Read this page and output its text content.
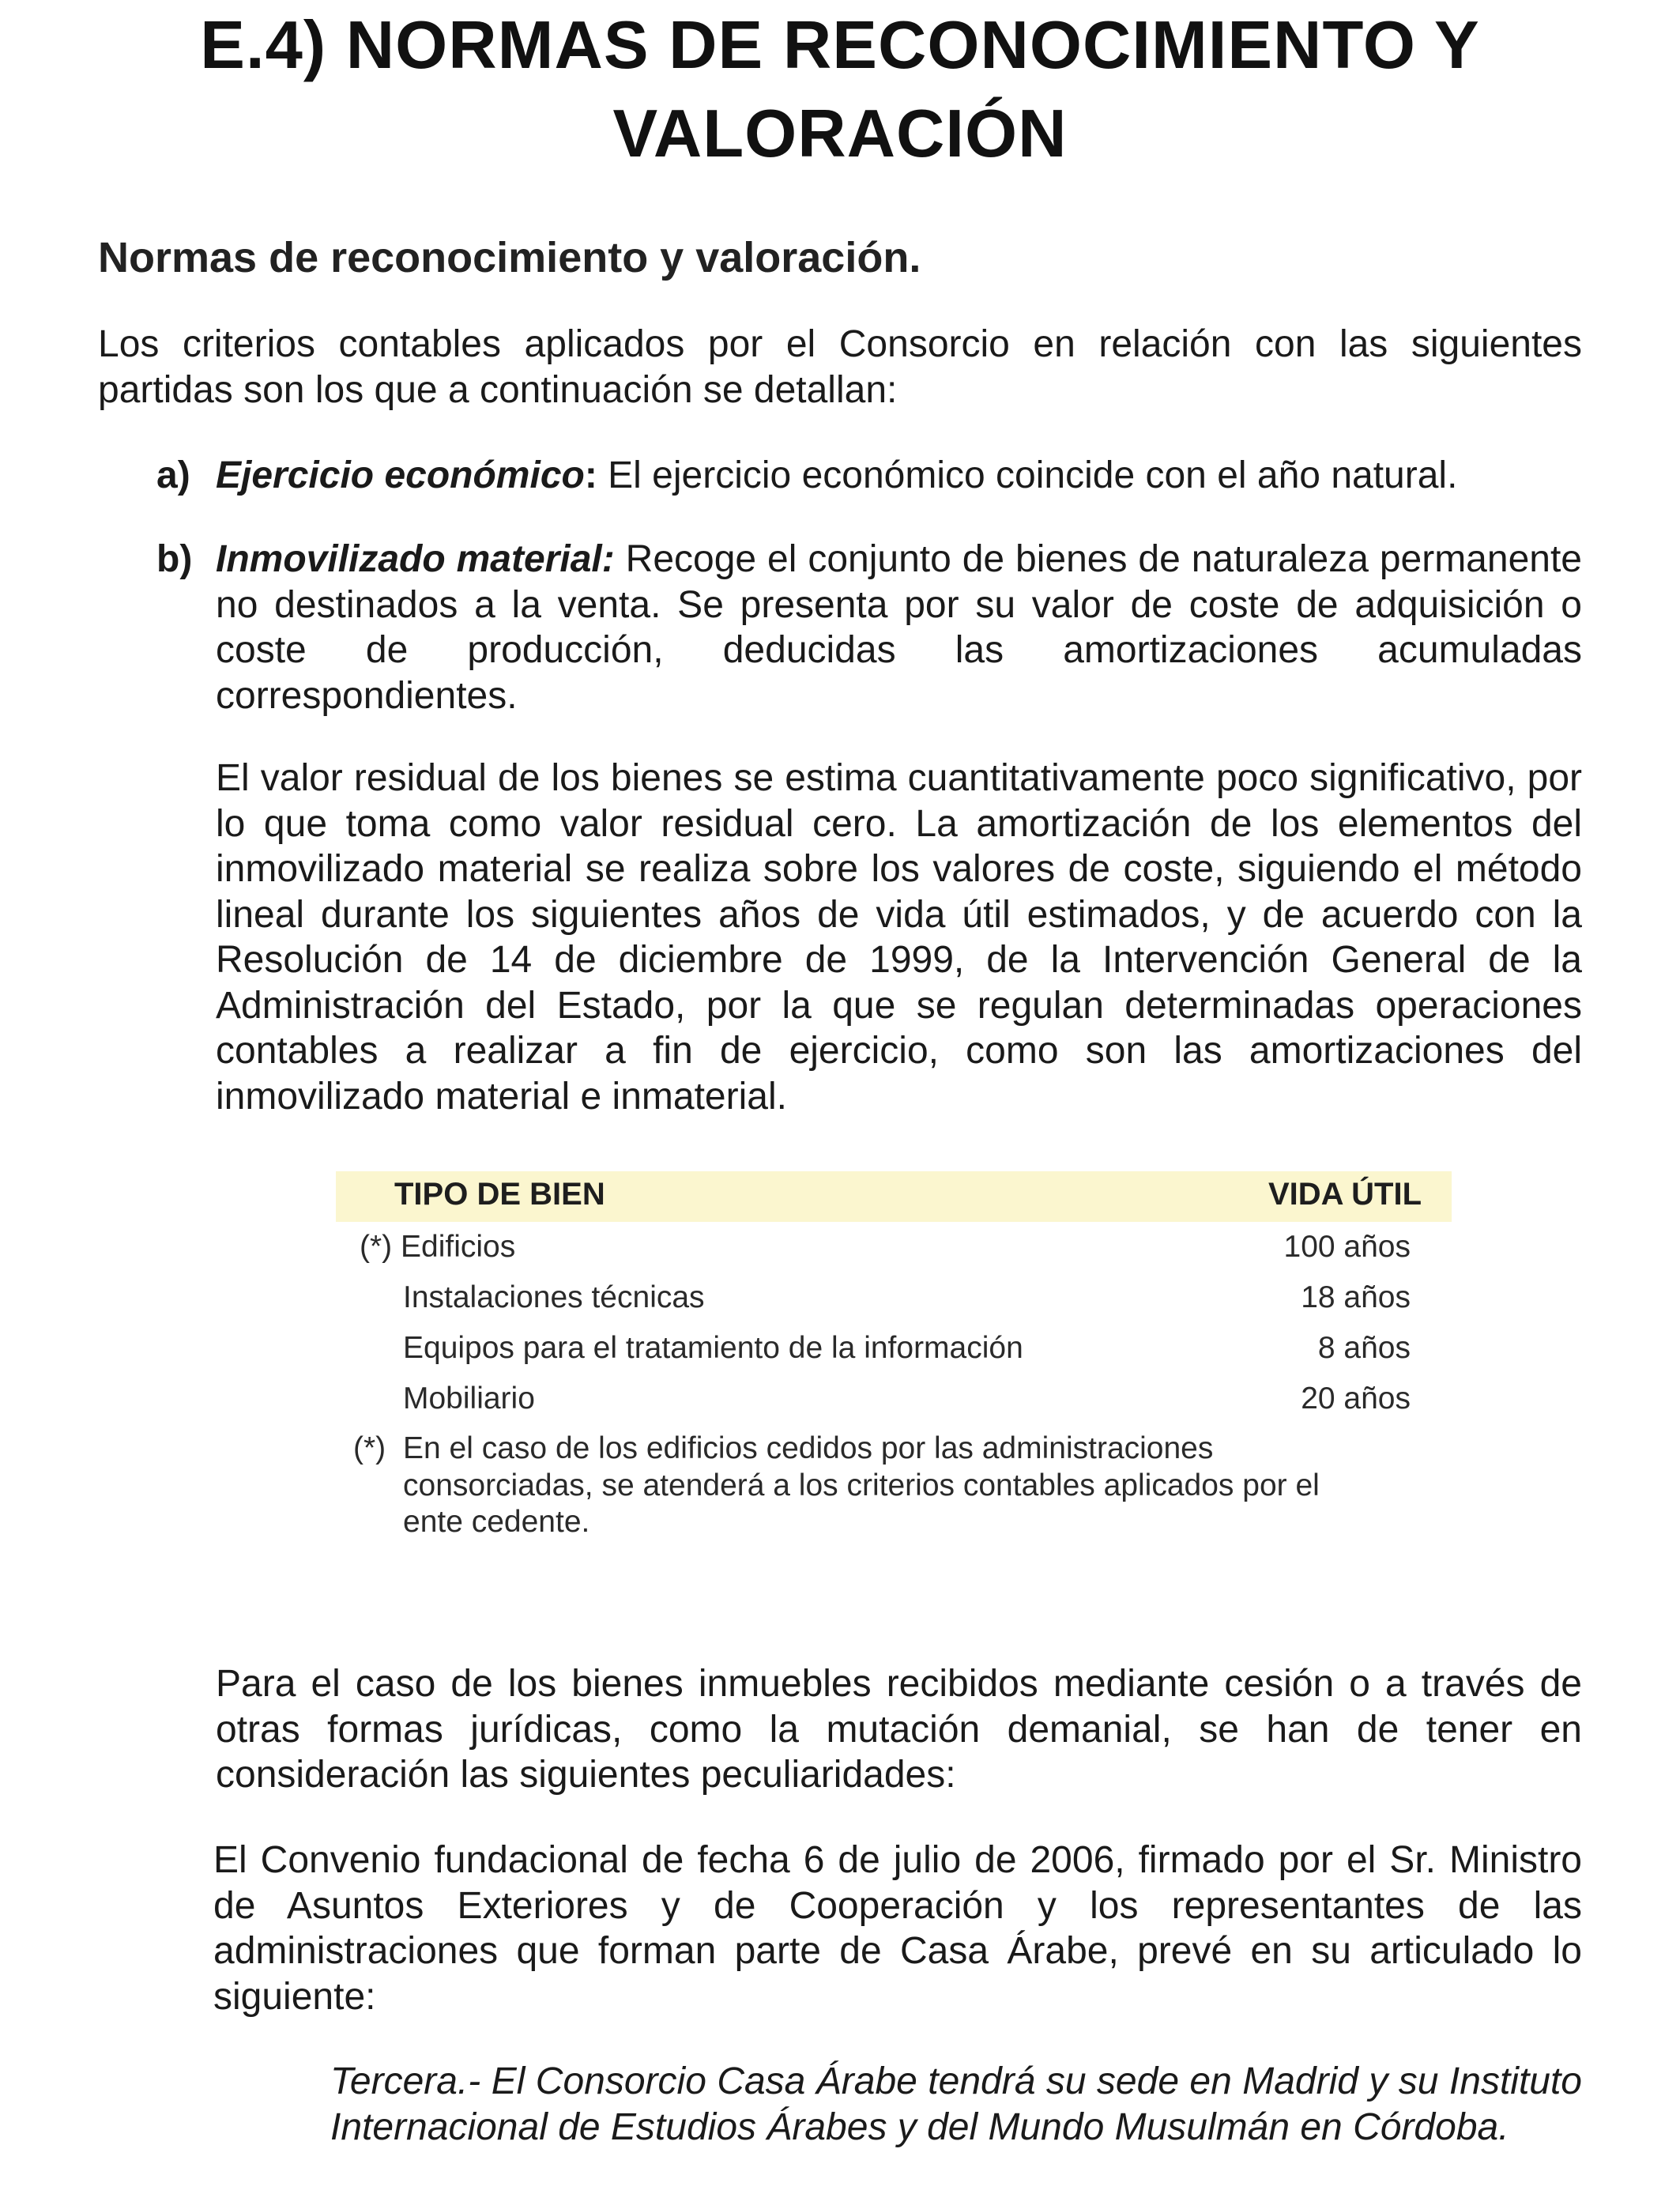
E.4) NORMAS DE RECONOCIMIENTO Y VALORACIÓN
Normas de reconocimiento y valoración.

Los criterios contables aplicados por el Consorcio en relación con las siguientes partidas son los que a continuación se detallan:

a) Ejercicio económico: El ejercicio económico coincide con el año natural.
b) Inmovilizado material: Recoge el conjunto de bienes de naturaleza permanente no destinados a la venta. Se presenta por su valor de coste de adquisición o coste de producción, deducidas las amortizaciones acumuladas correspondientes.

El valor residual de los bienes se estima cuantitativamente poco significativo, por lo que toma como valor residual cero. La amortización de los elementos del inmovilizado material se realiza sobre los valores de coste, siguiendo el método lineal durante los siguientes años de vida útil estimados, y de acuerdo con la Resolución de 14 de diciembre de 1999, de la Intervención General de la Administración del Estado, por la que se regulan determinadas operaciones contables a realizar a fin de ejercicio, como son las amortizaciones del inmovilizado material e inmaterial.

TIPO DE BIEN	VIDA ÚTIL
(*) Edificios	100 años
Instalaciones técnicas	18 años
Equipos para el tratamiento de la información	8 años
Mobiliario	20 años
(*) En el caso de los edificios cedidos por las administraciones consorciadas, se atenderá a los criterios contables aplicados por el ente cedente.

Para el caso de los bienes inmuebles recibidos mediante cesión o a través de otras formas jurídicas, como la mutación demanial, se han de tener en consideración las siguientes peculiaridades:

El Convenio fundacional de fecha 6 de julio de 2006, firmado por el Sr. Ministro de Asuntos Exteriores y de Cooperación y los representantes de las administraciones que forman parte de Casa Árabe, prevé en su articulado lo siguiente:

Tercera.- El Consorcio Casa Árabe tendrá su sede en Madrid y su Instituto Internacional de Estudios Árabes y del Mundo Musulmán en Córdoba.
